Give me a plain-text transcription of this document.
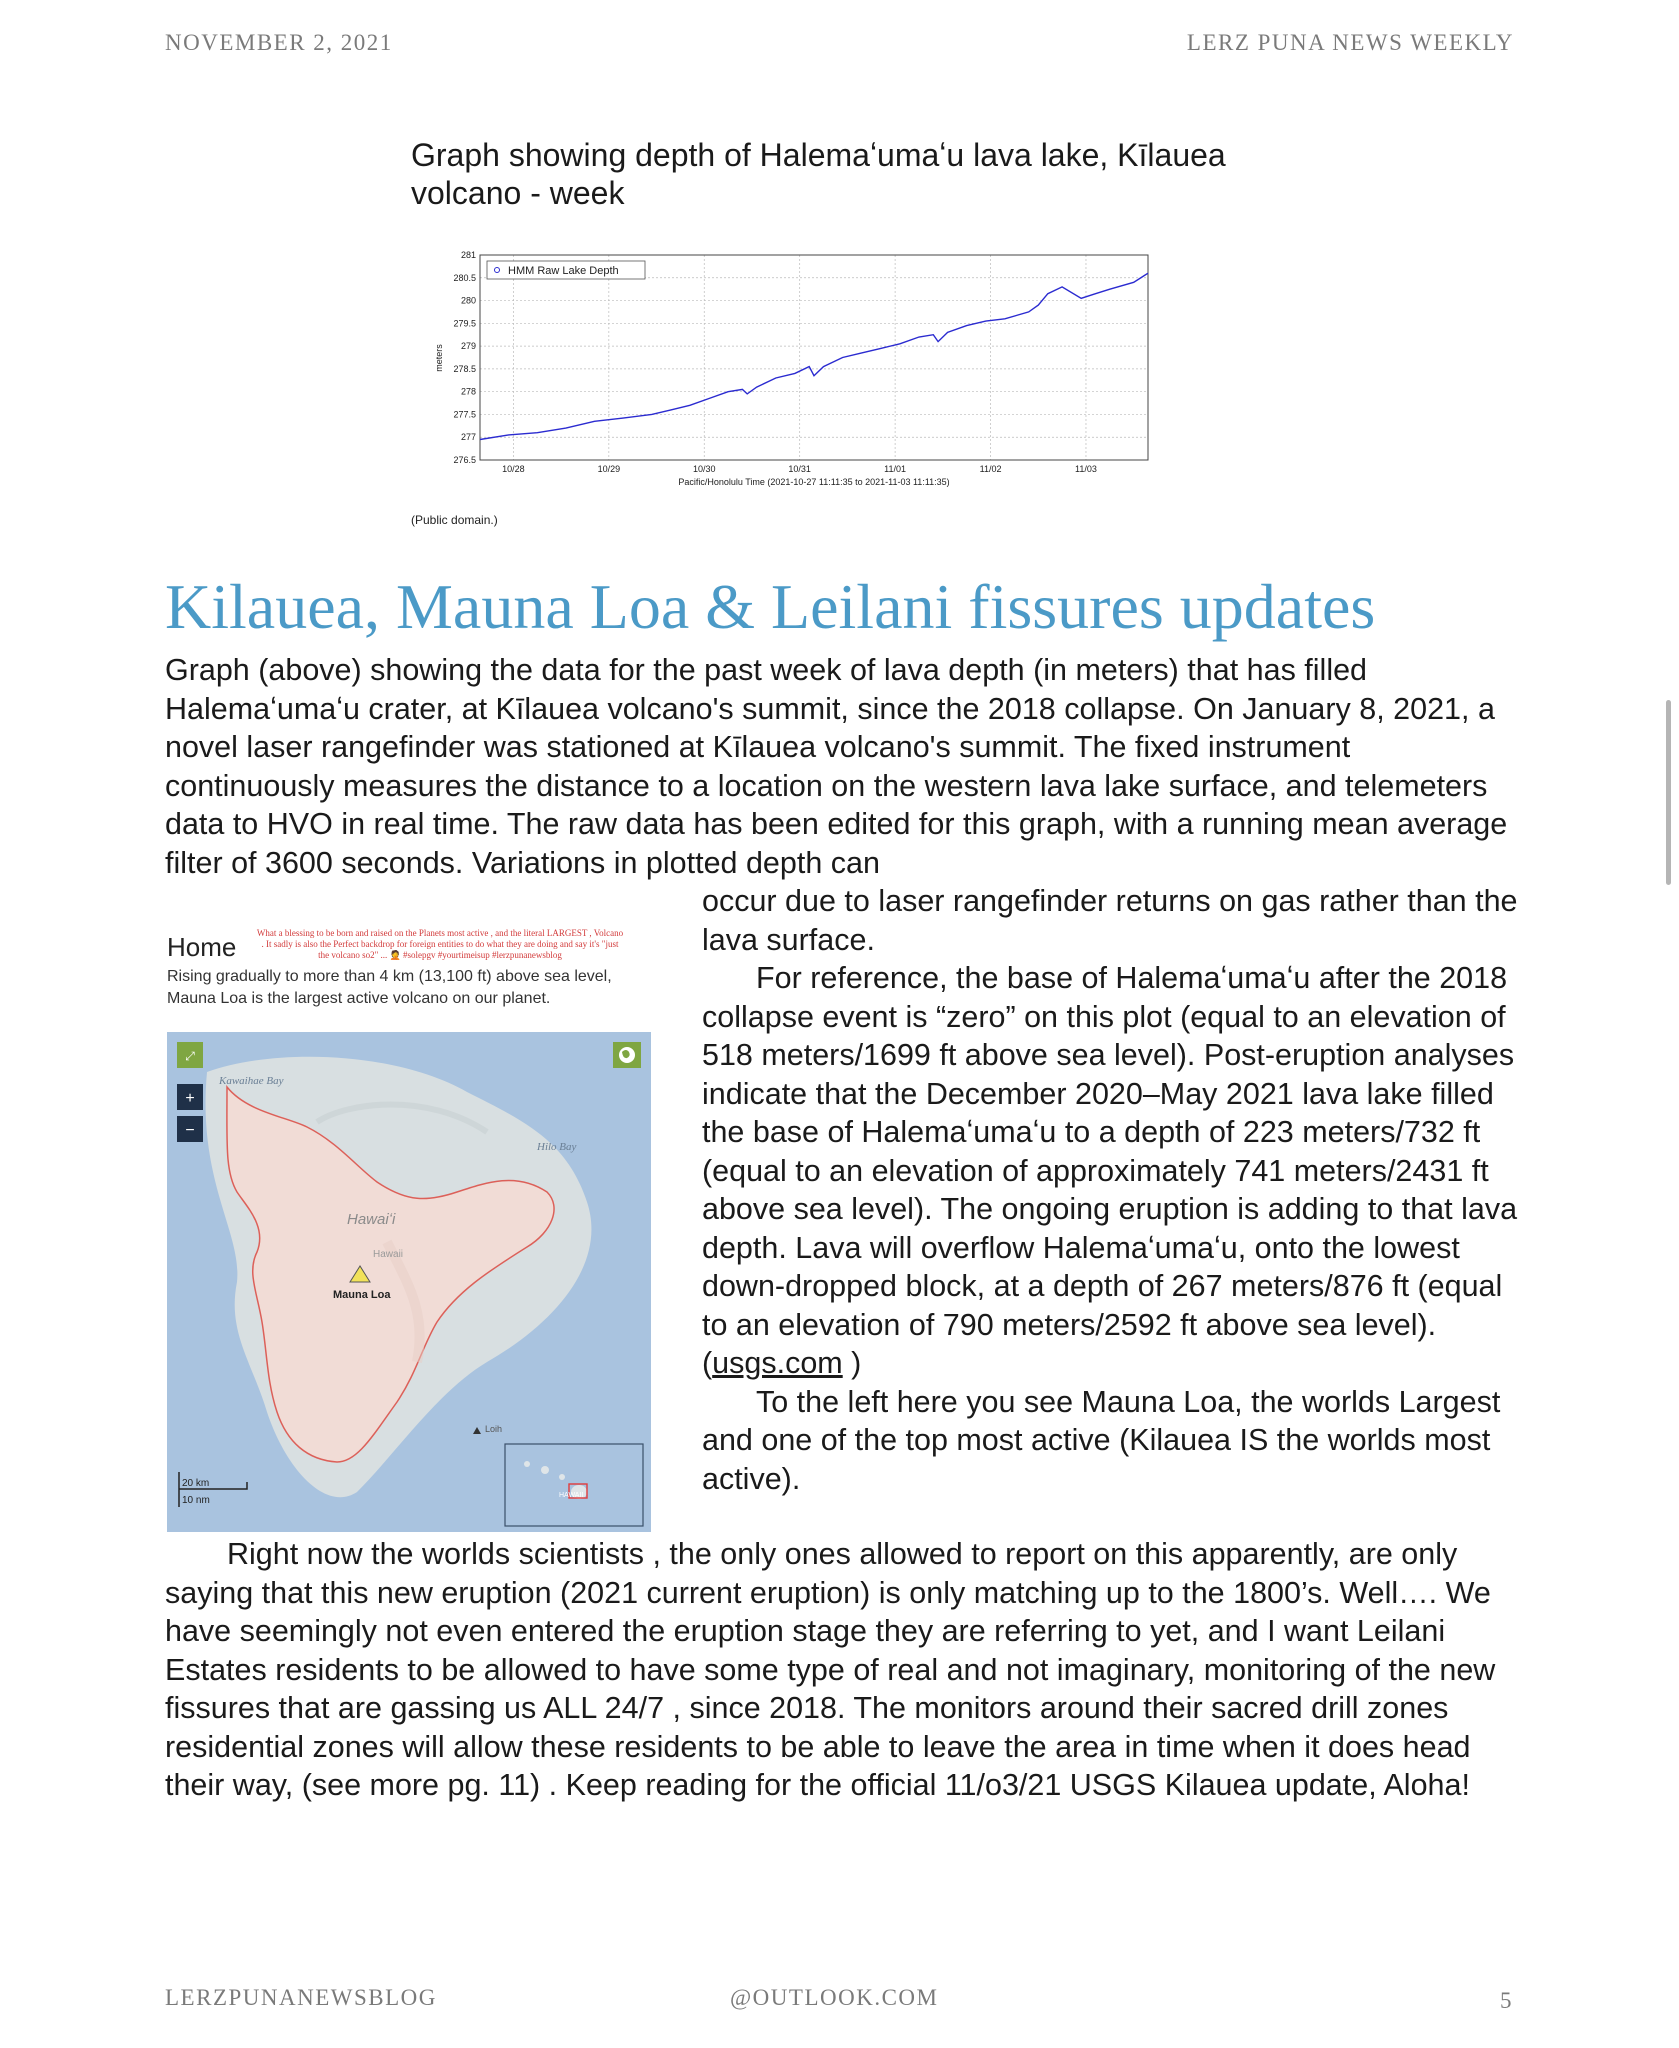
NOVEMBER 2, 2021	LERZ PUNA NEWS WEEKLY
Graph showing depth of Halemaʻumaʻu lava lake, Kīlauea volcano - week
281
280.5
280
279.5
279
278.5
278
277.5
277
276.5
10/28	10/29	10/30	10/31	11/01	11/02	11/03
HMM Raw Lake Depth
meters
Pacific/Honolulu Time (2021-10-27 11:11:35 to 2021-11-03 11:11:35)
(Public domain.)
Kilauea, Mauna Loa & Leilani fissures updates

Graph (above) showing the data for the past week of lava depth (in meters) that has filled Halemaʻumaʻu crater, at Kīlauea volcano's summit, since the 2018 collapse. On January 8, 2021, a novel laser rangefinder was stationed at Kīlauea volcano's summit. The fixed instrument continuously measures the distance to a location on the western lava lake surface, and telemeters data to HVO in real time. The raw data has been edited for this graph, with a running mean average filter of 3600 seconds. Variations in plotted depth can

occur due to laser rangefinder returns on gas rather than the lava surface.
For reference, the base of Halemaʻumaʻu after the 2018 collapse event is “zero” on this plot (equal to an elevation of 518 meters/1699 ft above sea level). Post-eruption analyses indicate that the December 2020–May 2021 lava lake filled the base of Halemaʻumaʻu to a depth of 223 meters/732 ft (equal to an elevation of approximately 741 meters/2431 ft above sea level). The ongoing eruption is adding to that lava depth. Lava will overflow Halemaʻumaʻu, onto the lowest down-dropped block, at a depth of 267 meters/876 ft (equal to an elevation of 790 meters/2592 ft above sea level).
(usgs.com )
To the left here you see Mauna Loa, the worlds Largest and one of the top most active (Kilauea IS the worlds most active).

Right now the worlds scientists , the only ones allowed to report on this apparently, are only saying that this new eruption (2021 current eruption) is only matching up to the 1800’s. Well…. We have seemingly not even entered the eruption stage they are referring to yet, and I want Leilani Estates residents to be allowed to have some type of real and not imaginary, monitoring of the new fissures that are gassing us ALL 24/7 , since 2018. The monitors around their sacred drill zones residential zones will allow these residents to be able to leave the area in time when it does head their way, (see more pg. 11) . Keep reading for the official 11/o3/21 USGS Kilauea update, Aloha!

Home What a blessing to be born and raised on the Planets most active , and the literal LARGEST , Volcano . It sadly is also the Perfect backdrop for foreign entities to do what they are doing and say it's "just the volcano so2" ... 🤦 #solepgv #yourtimeisup #lerzpunanewsblog
Rising gradually to more than 4 km (13,100 ft) above sea level, Mauna Loa is the largest active volcano on our planet.
Kawaihae Bay
Hilo Bay
Hawaiʻi
Hawaii
Mauna Loa
Loih
20 km
10 nm	HAWAII
⤢
+
−
LERZPUNANEWSBLOG	@OUTLOOK.COM	5
